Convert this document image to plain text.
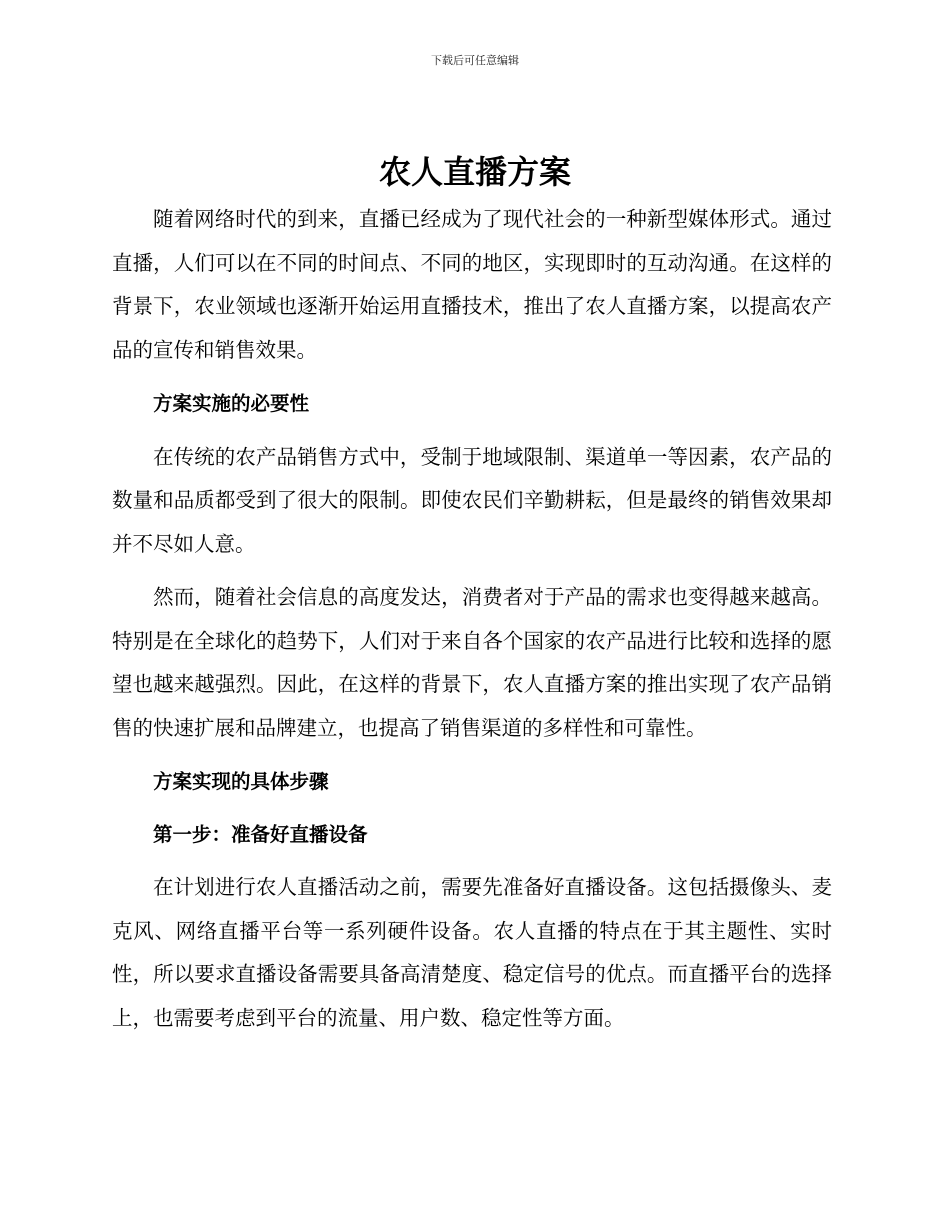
下载后可任意编辑
农人直播方案

随着网络时代的到来，直播已经成为了现代社会的一种新型媒体形式。通过直播，人们可以在不同的时间点、不同的地区，实现即时的互动沟通。在这样的背景下，农业领域也逐渐开始运用直播技术，推出了农人直播方案，以提高农产品的宣传和销售效果。

方案实施的必要性

在传统的农产品销售方式中，受制于地域限制、渠道单一等因素，农产品的数量和品质都受到了很大的限制。即使农民们辛勤耕耘，但是最终的销售效果却并不尽如人意。

然而，随着社会信息的高度发达，消费者对于产品的需求也变得越来越高。特别是在全球化的趋势下，人们对于来自各个国家的农产品进行比较和选择的愿望也越来越强烈。因此，在这样的背景下，农人直播方案的推出实现了农产品销售的快速扩展和品牌建立，也提高了销售渠道的多样性和可靠性。

方案实现的具体步骤

第一步：准备好直播设备

在计划进行农人直播活动之前，需要先准备好直播设备。这包括摄像头、麦克风、网络直播平台等一系列硬件设备。农人直播的特点在于其主题性、实时性，所以要求直播设备需要具备高清楚度、稳定信号的优点。而直播平台的选择上，也需要考虑到平台的流量、用户数、稳定性等方面。
